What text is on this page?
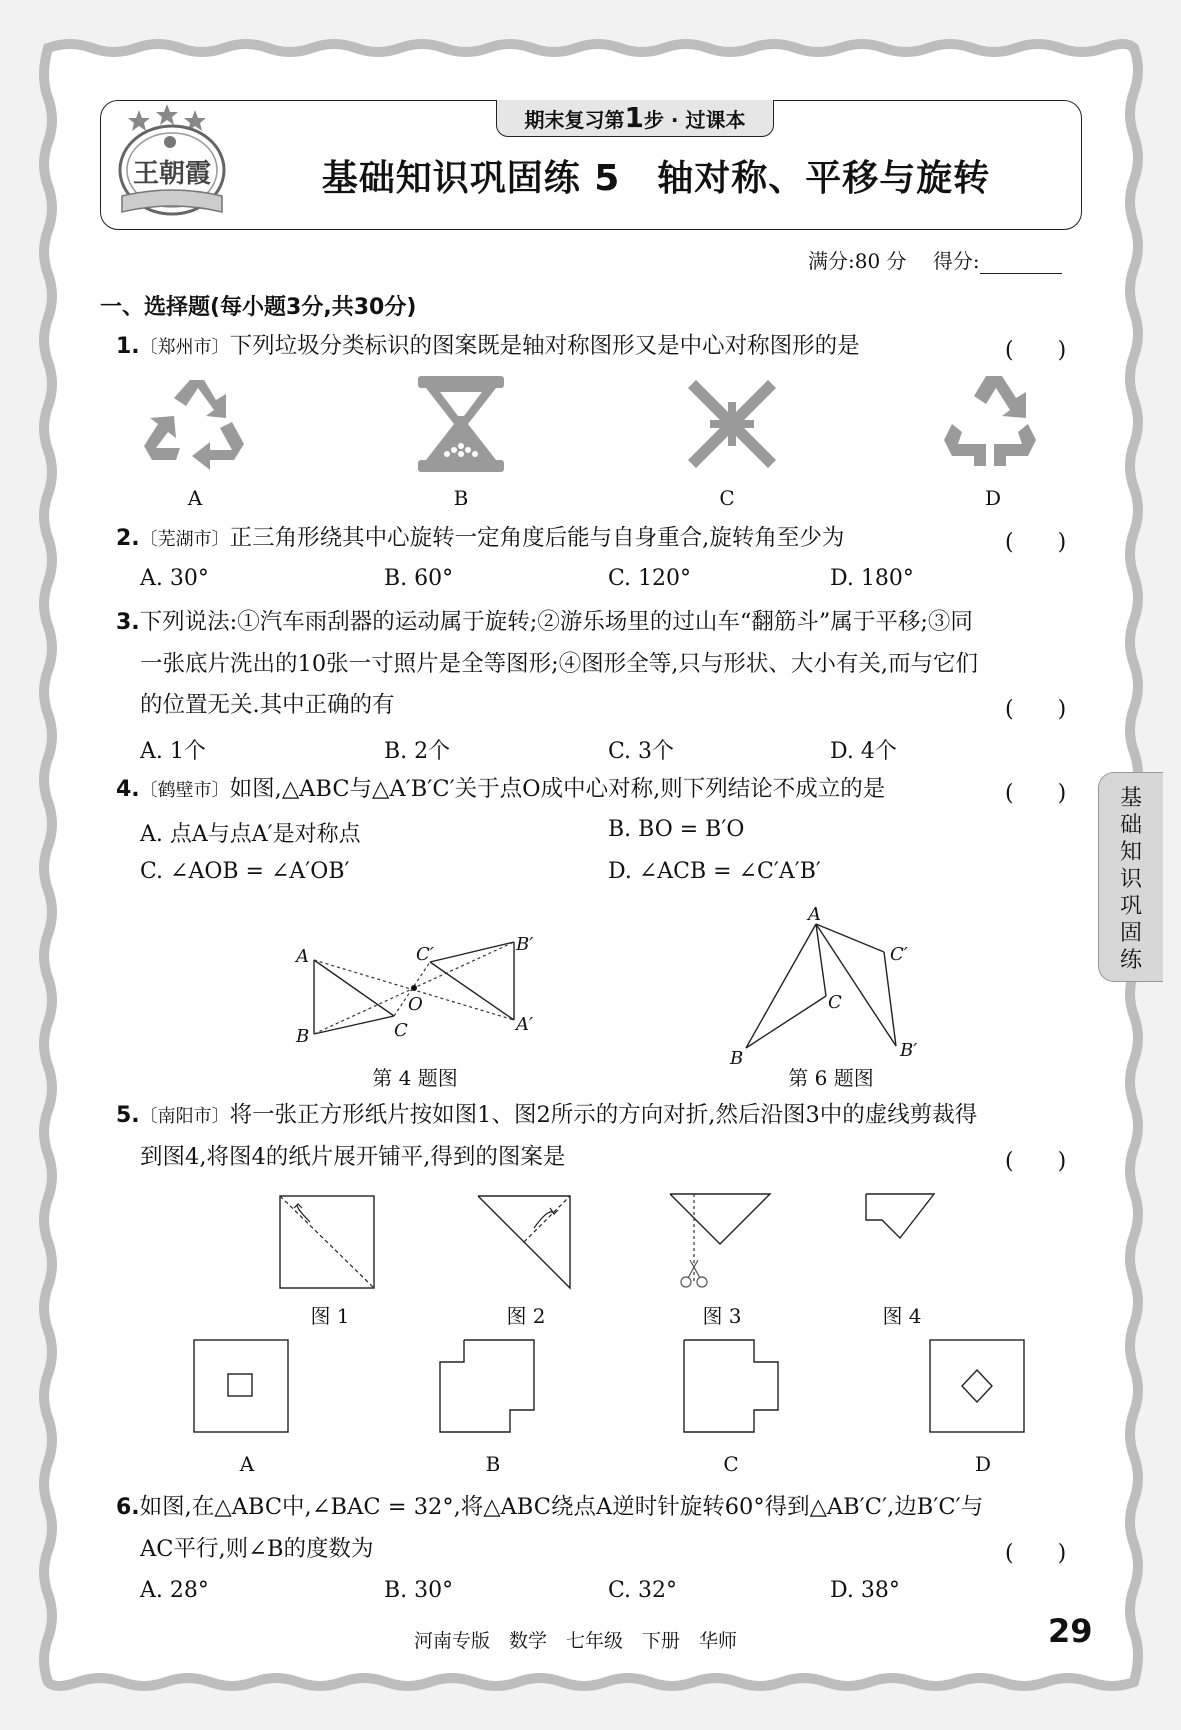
王朝霞
期末复习第1步 · 过课本
基础知识巩固练 5　轴对称、平移与旋转
满分:80 分　 得分:
一、选择题(每小题3分,共30分)
1.〔郑州市〕下列垃圾分类标识的图案既是轴对称图形又是中心对称图形的是	(　　)
A	B	C	D
2.〔芜湖市〕正三角形绕其中心旋转一定角度后能与自身重合,旋转角至少为	(　　)
A. 30°	B. 60°	C. 120°	D. 180°
3.下列说法:①汽车雨刮器的运动属于旋转;②游乐场里的过山车“翻筋斗”属于平移;③同
一张底片洗出的10张一寸照片是全等图形;④图形全等,只与形状、大小有关,而与它们
的位置无关.其中正确的有	(　　)
A. 1个	B. 2个	C. 3个	D. 4个
4.〔鹤壁市〕如图,△ABC与△A′B′C′关于点O成中心对称,则下列结论不成立的是	(　　)
A. 点A与点A′是对称点	B. BO = B′O
C. ∠AOB = ∠A′OB′	D. ∠ACB = ∠C′A′B′
A
B	C
O
C′	B′
A′
第 4 题图
A
B
C
C′
B′
第 6 题图
基础知识巩固练
5.〔南阳市〕将一张正方形纸片按如图1、图2所示的方向对折,然后沿图3中的虚线剪裁得
到图4,将图4的纸片展开铺平,得到的图案是	(　　)
图 1	图 2	图 3	图 4
A	B	C	D
6.如图,在△ABC中,∠BAC = 32°,将△ABC绕点A逆时针旋转60°得到△AB′C′,边B′C′与
AC平行,则∠B的度数为	(　　)
A. 28°	B. 30°	C. 32°	D. 38°
河南专版　数学　七年级　下册　华师	29
